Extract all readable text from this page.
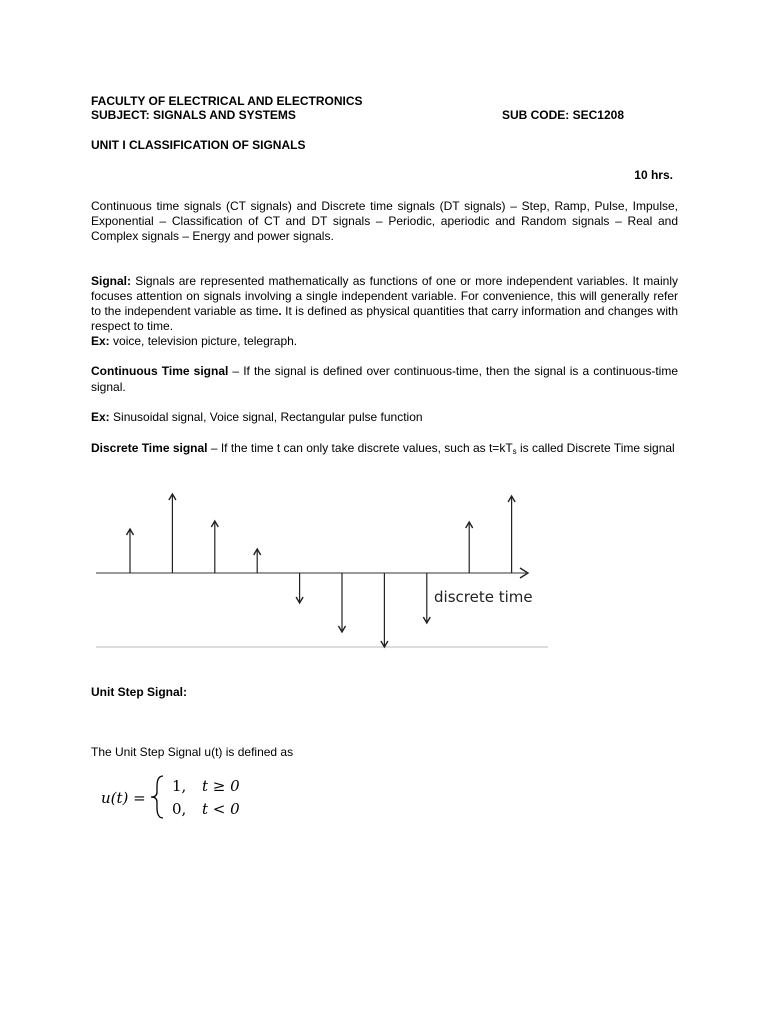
FACULTY OF ELECTRICAL AND ELECTRONICS
SUBJECT: SIGNALS AND SYSTEMS	SUB CODE: SEC1208
UNIT I CLASSIFICATION OF SIGNALS
10 hrs.
Continuous time signals (CT signals) and Discrete time signals (DT signals) – Step, Ramp, Pulse, Impulse, Exponential – Classification of CT and DT signals – Periodic, aperiodic and Random signals – Real and Complex signals – Energy and power signals.
Signal: Signals are represented mathematically as functions of one or more independent variables. It mainly focuses attention on signals involving a single independent variable. For convenience, this will generally refer to the independent variable as time. It is defined as physical quantities that carry information and changes with respect to time.
Ex: voice, television picture, telegraph.
Continuous Time signal – If the signal is defined over continuous-time, then the signal is a continuous-time signal.
Ex: Sinusoidal signal, Voice signal, Rectangular pulse function
Discrete Time signal – If the time t can only take discrete values, such as $t=kT_s$ is called Discrete Time signal
discrete time
Unit Step Signal:
The Unit Step Signal u(t) is defined as
u(t) =
1, t ≥ 0
0, t < 0
